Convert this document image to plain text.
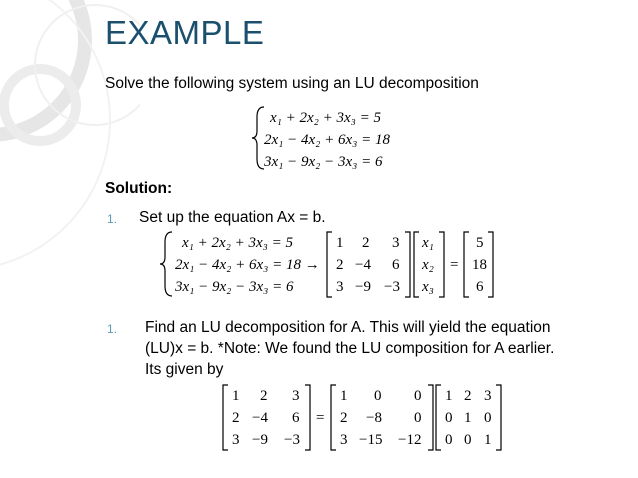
EXAMPLE
Solve the following system using an LU decomposition
x₁ + 2x₂ + 3x₃ = 5
2x₁ − 4x₂ + 6x₃ = 18
3x₁ − 9x₂ − 3x₃ = 6
Solution:
1. Set up the equation Ax = b.
x₁ + 2x₂ + 3x₃ = 5
2x₁ − 4x₂ + 6x₃ = 18 →
3x₁ − 9x₂ − 3x₃ = 6
1 2 3
2 −4 6
3 −9 −3
x₁
x₂
x₃
=
5
18
6
1. Find an LU decomposition for A. This will yield the equation
(LU)x = b. *Note: We found the LU composition for A earlier.
Its given by
1 2 3
2 −4 6
3 −9 −3
=
1 0 0
2 −8 0
3 −15 −12
1 2 3
0 1 0
0 0 1
